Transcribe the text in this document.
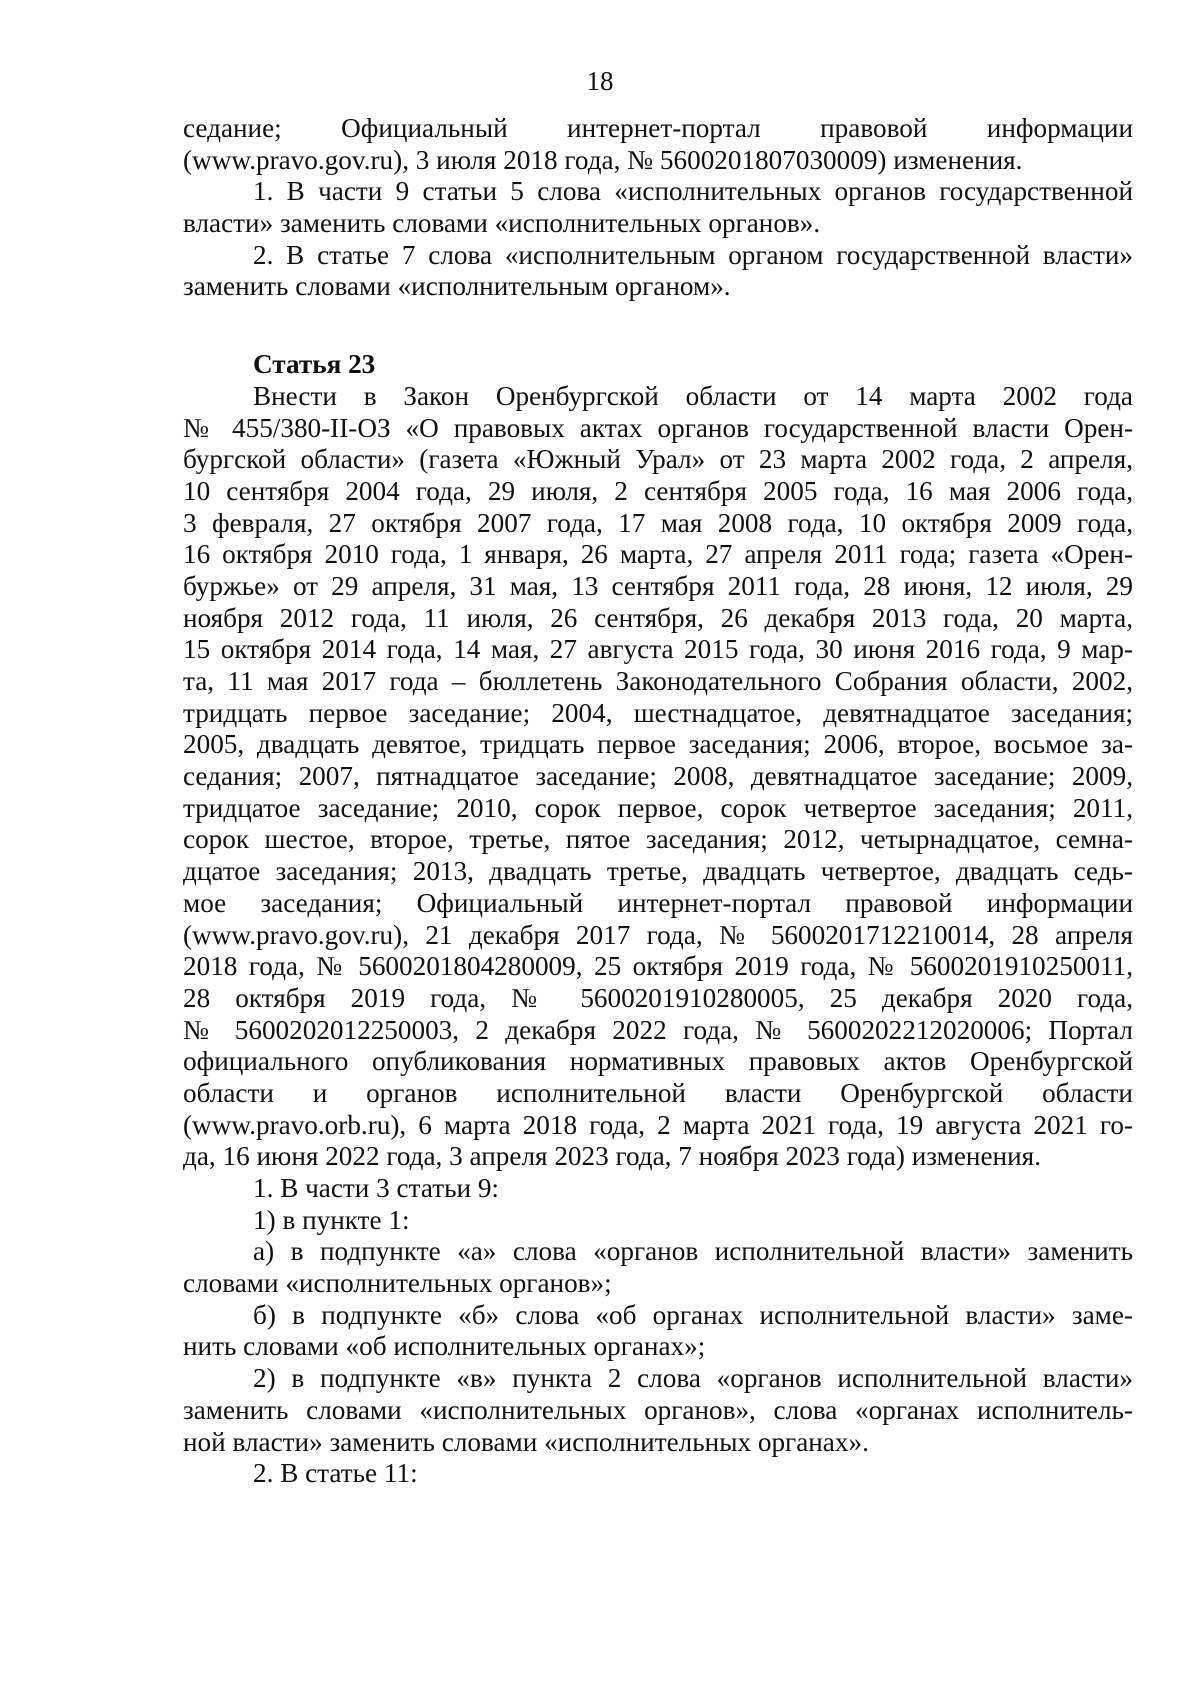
18
седание; Официальный интернет-портал правовой информации
(www.pravo.gov.ru), 3 июля 2018 года, № 5600201807030009) изменения.
1. В части 9 статьи 5 слова «исполнительных органов государственной
власти» заменить словами «исполнительных органов».
2. В статье 7 слова «исполнительным органом государственной власти»
заменить словами «исполнительным органом».
Статья 23
Внести в Закон Оренбургской области от 14 марта 2002 года
№ 455/380-II-ОЗ «О правовых актах органов государственной власти Орен-
бургской области» (газета «Южный Урал» от 23 марта 2002 года, 2 апреля,
10 сентября 2004 года, 29 июля, 2 сентября 2005 года, 16 мая 2006 года,
3 февраля, 27 октября 2007 года, 17 мая 2008 года, 10 октября 2009 года,
16 октября 2010 года, 1 января, 26 марта, 27 апреля 2011 года; газета «Орен-
буржье» от 29 апреля, 31 мая, 13 сентября 2011 года, 28 июня, 12 июля, 29
ноября 2012 года, 11 июля, 26 сентября, 26 декабря 2013 года, 20 марта,
15 октября 2014 года, 14 мая, 27 августа 2015 года, 30 июня 2016 года, 9 мар-
та, 11 мая 2017 года – бюллетень Законодательного Собрания области, 2002,
тридцать первое заседание; 2004, шестнадцатое, девятнадцатое заседания;
2005, двадцать девятое, тридцать первое заседания; 2006, второе, восьмое за-
седания; 2007, пятнадцатое заседание; 2008, девятнадцатое заседание; 2009,
тридцатое заседание; 2010, сорок первое, сорок четвертое заседания; 2011,
сорок шестое, второе, третье, пятое заседания; 2012, четырнадцатое, семна-
дцатое заседания; 2013, двадцать третье, двадцать четвертое, двадцать седь-
мое заседания; Официальный интернет-портал правовой информации
(www.pravo.gov.ru), 21 декабря 2017 года, № 5600201712210014, 28 апреля
2018 года, № 5600201804280009, 25 октября 2019 года, № 5600201910250011,
28 октября 2019 года, № 5600201910280005, 25 декабря 2020 года,
№ 5600202012250003, 2 декабря 2022 года, № 5600202212020006; Портал
официального опубликования нормативных правовых актов Оренбургской
области и органов исполнительной власти Оренбургской области
(www.pravo.orb.ru), 6 марта 2018 года, 2 марта 2021 года, 19 августа 2021 го-
да, 16 июня 2022 года, 3 апреля 2023 года, 7 ноября 2023 года) изменения.
1. В части 3 статьи 9:
1) в пункте 1:
а) в подпункте «а» слова «органов исполнительной власти» заменить
словами «исполнительных органов»;
б) в подпункте «б» слова «об органах исполнительной власти» заме-
нить словами «об исполнительных органах»;
2) в подпункте «в» пункта 2 слова «органов исполнительной власти»
заменить словами «исполнительных органов», слова «органах исполнитель-
ной власти» заменить словами «исполнительных органах».
2. В статье 11:
